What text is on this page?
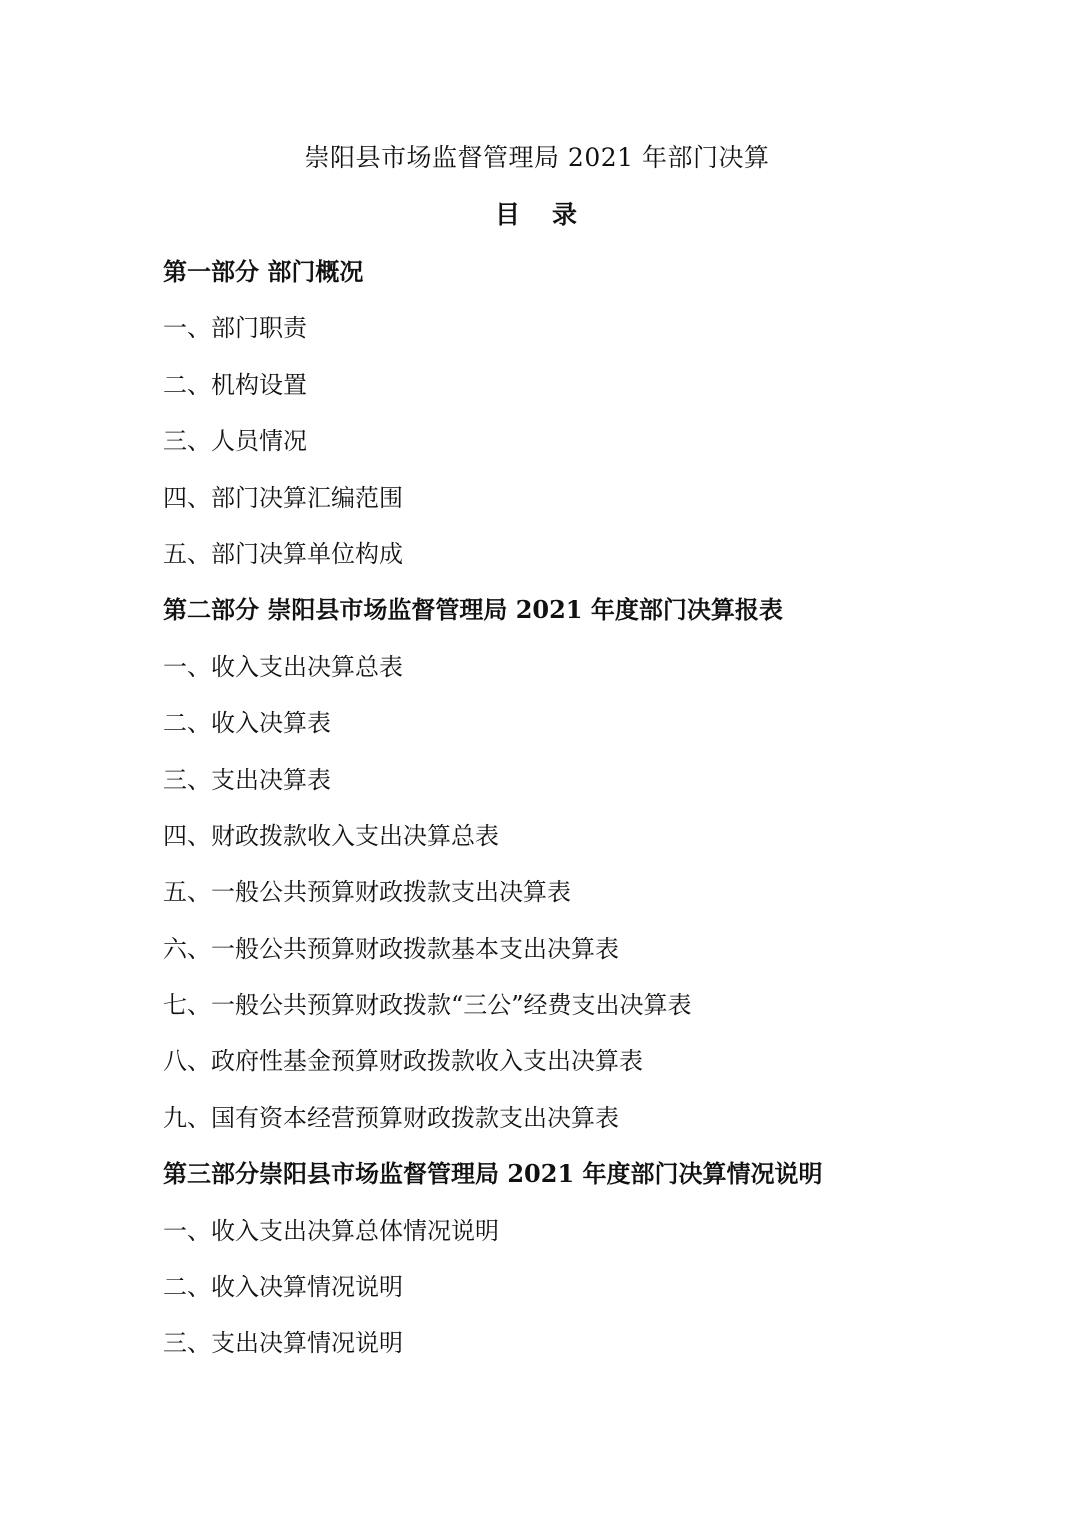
崇阳县市场监督管理局 2021 年部门决算
目 录
第一部分 部门概况
一、部门职责
二、机构设置
三、人员情况
四、部门决算汇编范围
五、部门决算单位构成
第二部分 崇阳县市场监督管理局 2021 年度部门决算报表
一、收入支出决算总表
二、收入决算表
三、支出决算表
四、财政拨款收入支出决算总表
五、一般公共预算财政拨款支出决算表
六、一般公共预算财政拨款基本支出决算表
七、一般公共预算财政拨款“三公”经费支出决算表
八、政府性基金预算财政拨款收入支出决算表
九、国有资本经营预算财政拨款支出决算表
第三部分崇阳县市场监督管理局 2021 年度部门决算情况说明
一、收入支出决算总体情况说明
二、收入决算情况说明
三、支出决算情况说明
